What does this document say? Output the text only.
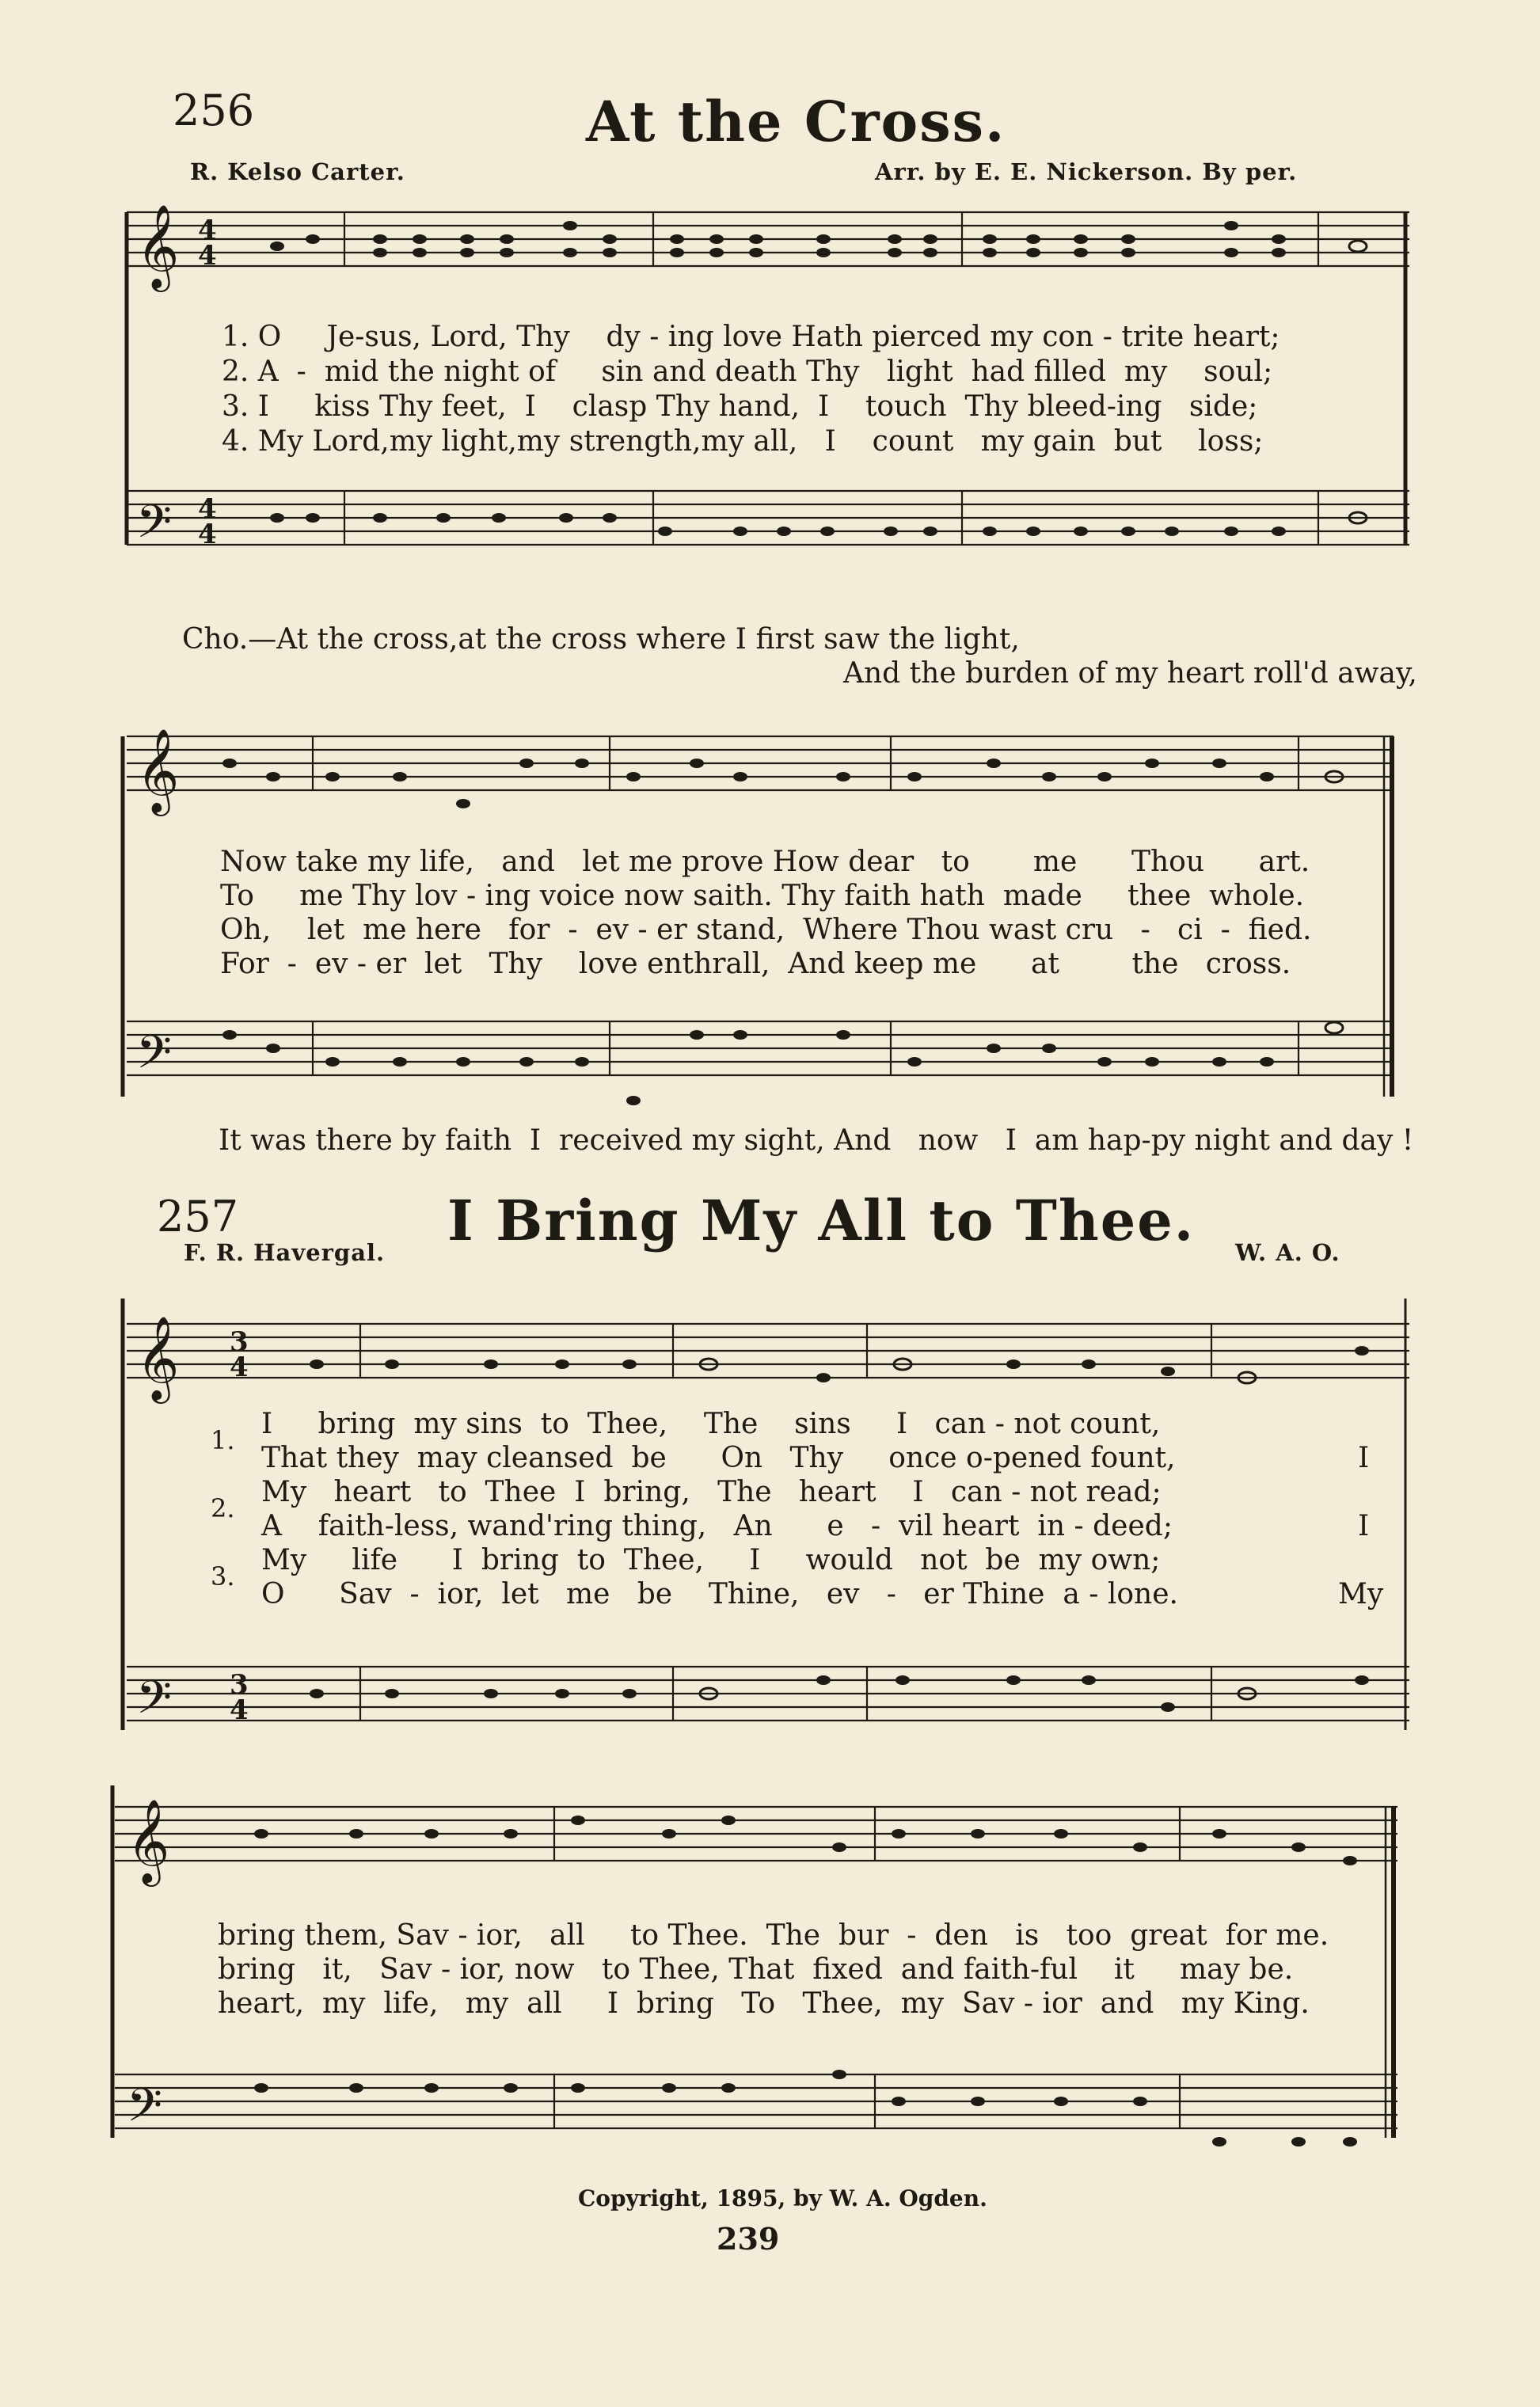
256	At the Cross.
R. Kelso Carter.	Arr. by E. E. Nickerson. By per.
𝄞
𝄢
4
4
4
4
𝄞
𝄢
𝄞
𝄢
3
4
3
4
𝄞
𝄢
1. O     Je-sus, Lord, Thy    dy - ing love Hath pierced my con - trite heart;
2. A  -  mid the night of     sin and death Thy   light  had filled  my    soul;
3. I     kiss Thy feet,  I    clasp Thy hand,  I    touch  Thy bleed-ing   side;
4. My Lord,my light,my strength,my all,   I    count   my gain  but    loss;
Cho.—At the cross,at the cross where I first saw the light,
And the burden of my heart roll'd away,
Now take my life,   and   let me prove How dear   to       me      Thou      art.
To     me Thy lov - ing voice now saith. Thy faith hath  made     thee  whole.
Oh,    let  me here   for  -  ev - er stand,  Where Thou wast cru   -   ci  -  fied.
For  -  ev - er  let   Thy    love enthrall,  And keep me      at        the   cross.
It was there by faith  I  received my sight, And   now   I  am hap-py night and day !
257	I Bring My All to Thee.
F. R. Havergal.	W. A. O.
1.
2.
3.
I     bring  my sins  to  Thee,    The    sins     I   can - not count,
That they  may cleansed  be      On   Thy     once o-pened fount,
My   heart   to  Thee  I  bring,   The   heart    I   can - not read;
A    faith-less, wand'ring thing,   An      e   -  vil heart  in - deed;
My     life      I  bring  to  Thee,     I     would   not  be  my own;
O      Sav  -  ior,  let   me   be    Thine,   ev   -   er Thine  a - lone.
I
I
My
bring them, Sav - ior,   all     to Thee.  The  bur  -  den   is   too  great  for me.
bring   it,   Sav - ior, now   to Thee, That  fixed  and faith-ful    it     may be.
heart,  my  life,   my  all     I  bring   To   Thee,  my  Sav - ior  and   my King.
Copyright, 1895, by W. A. Ogden.
239
